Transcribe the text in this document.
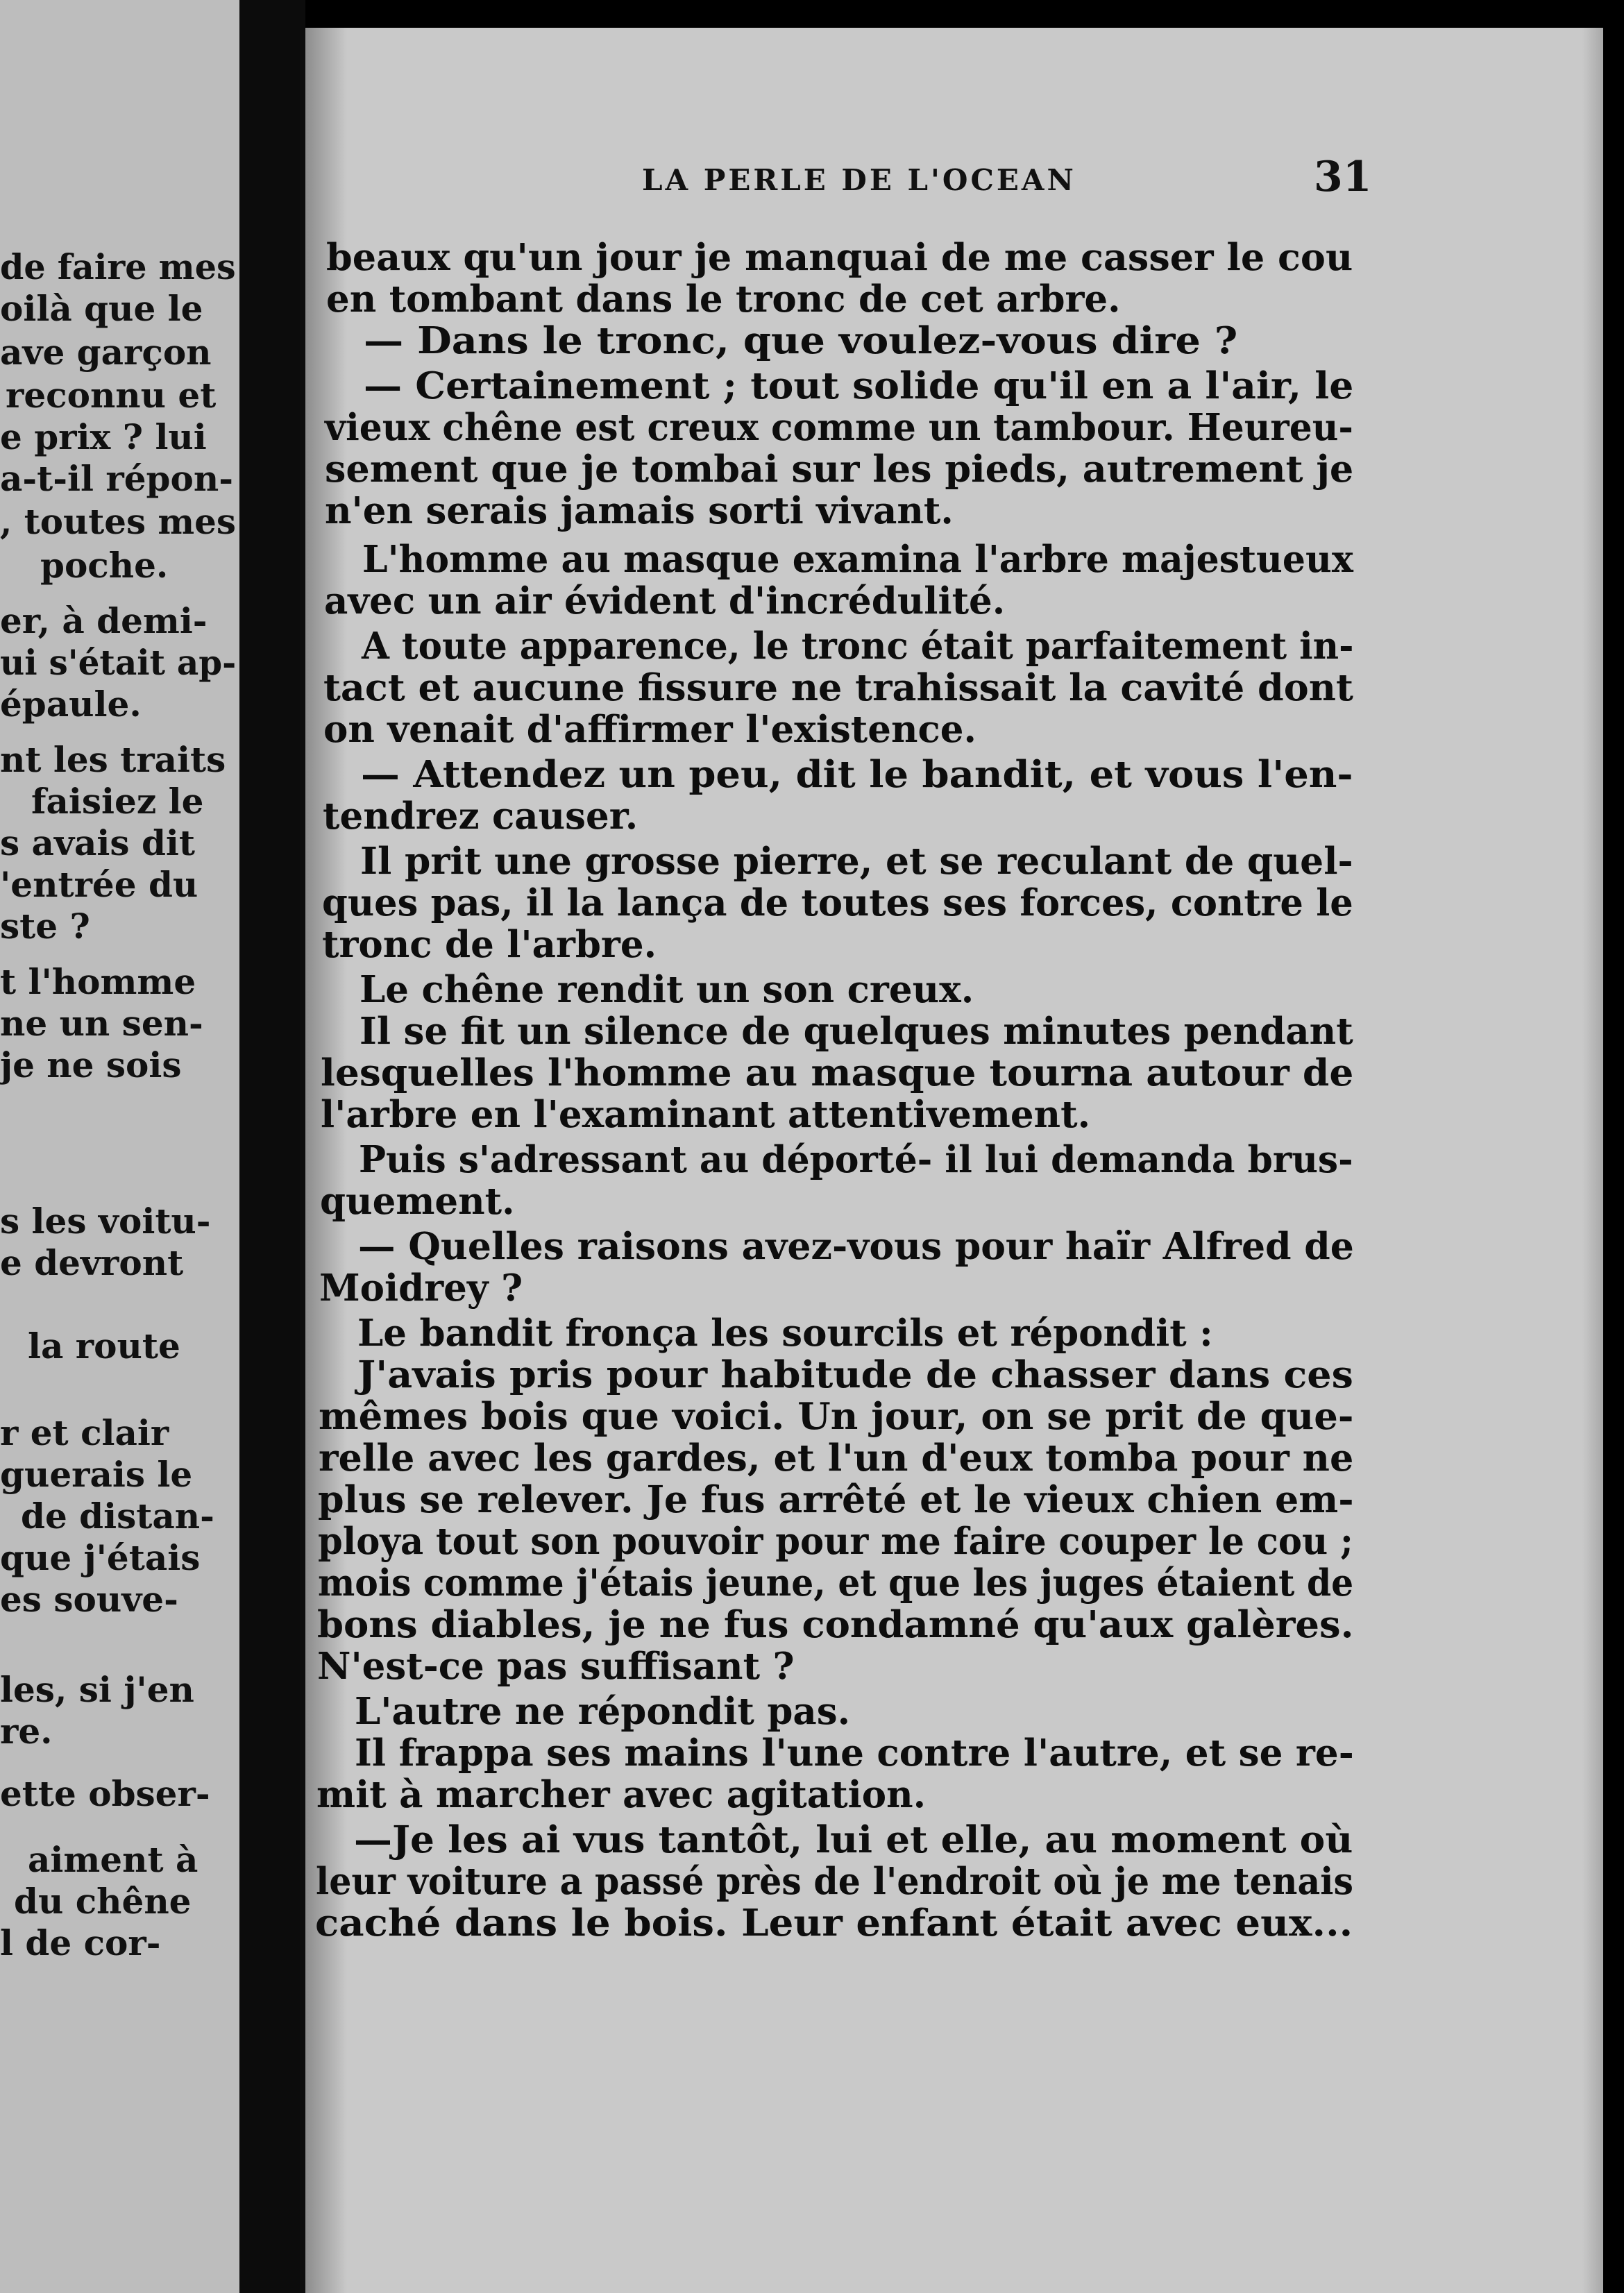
de faire mes
oilà que le
ave garçon
reconnu et
e prix ? lui
a-t-il répon-
, toutes mes
poche.
er, à demi-
ui s'était ap-
épaule.
nt les traits
faisiez le
s avais dit
'entrée du
ste ?
t l'homme
ne un sen-
je ne sois
s les voitu-
e devront
la route
r et clair
guerais le
de distan-
que j'étais
es souve-
les, si j'en
re.
ette obser-
aiment à
du chêne
l de cor-
LA PERLE DE L'OCEAN	31
beaux qu'un jour je manquai de me casser le cou
en tombant dans le tronc de cet arbre.
— Dans le tronc, que voulez-vous dire ?
— Certainement ; tout solide qu'il en a l'air, le
vieux chêne est creux comme un tambour. Heureu-
sement que je tombai sur les pieds, autrement je
n'en serais jamais sorti vivant.
L'homme au masque examina l'arbre majestueux
avec un air évident d'incrédulité.
A toute apparence, le tronc était parfaitement in-
tact et aucune fissure ne trahissait la cavité dont
on venait d'affirmer l'existence.
— Attendez un peu, dit le bandit, et vous l'en-
tendrez causer.
Il prit une grosse pierre, et se reculant de quel-
ques pas, il la lança de toutes ses forces, contre le
tronc de l'arbre.
Le chêne rendit un son creux.
Il se fit un silence de quelques minutes pendant
lesquelles l'homme au masque tourna autour de
l'arbre en l'examinant attentivement.
Puis s'adressant au déporté- il lui demanda brus-
quement.
— Quelles raisons avez-vous pour haïr Alfred de
Moidrey ?
Le bandit fronça les sourcils et répondit :
J'avais pris pour habitude de chasser dans ces
mêmes bois que voici. Un jour, on se prit de que-
relle avec les gardes, et l'un d'eux tomba pour ne
plus se relever. Je fus arrêté et le vieux chien em-
ploya tout son pouvoir pour me faire couper le cou ;
mois comme j'étais jeune, et que les juges étaient de
bons diables, je ne fus condamné qu'aux galères.
N'est-ce pas suffisant ?
L'autre ne répondit pas.
Il frappa ses mains l'une contre l'autre, et se re-
mit à marcher avec agitation.
—Je les ai vus tantôt, lui et elle, au moment où
leur voiture a passé près de l'endroit où je me tenais
caché dans le bois. Leur enfant était avec eux...
